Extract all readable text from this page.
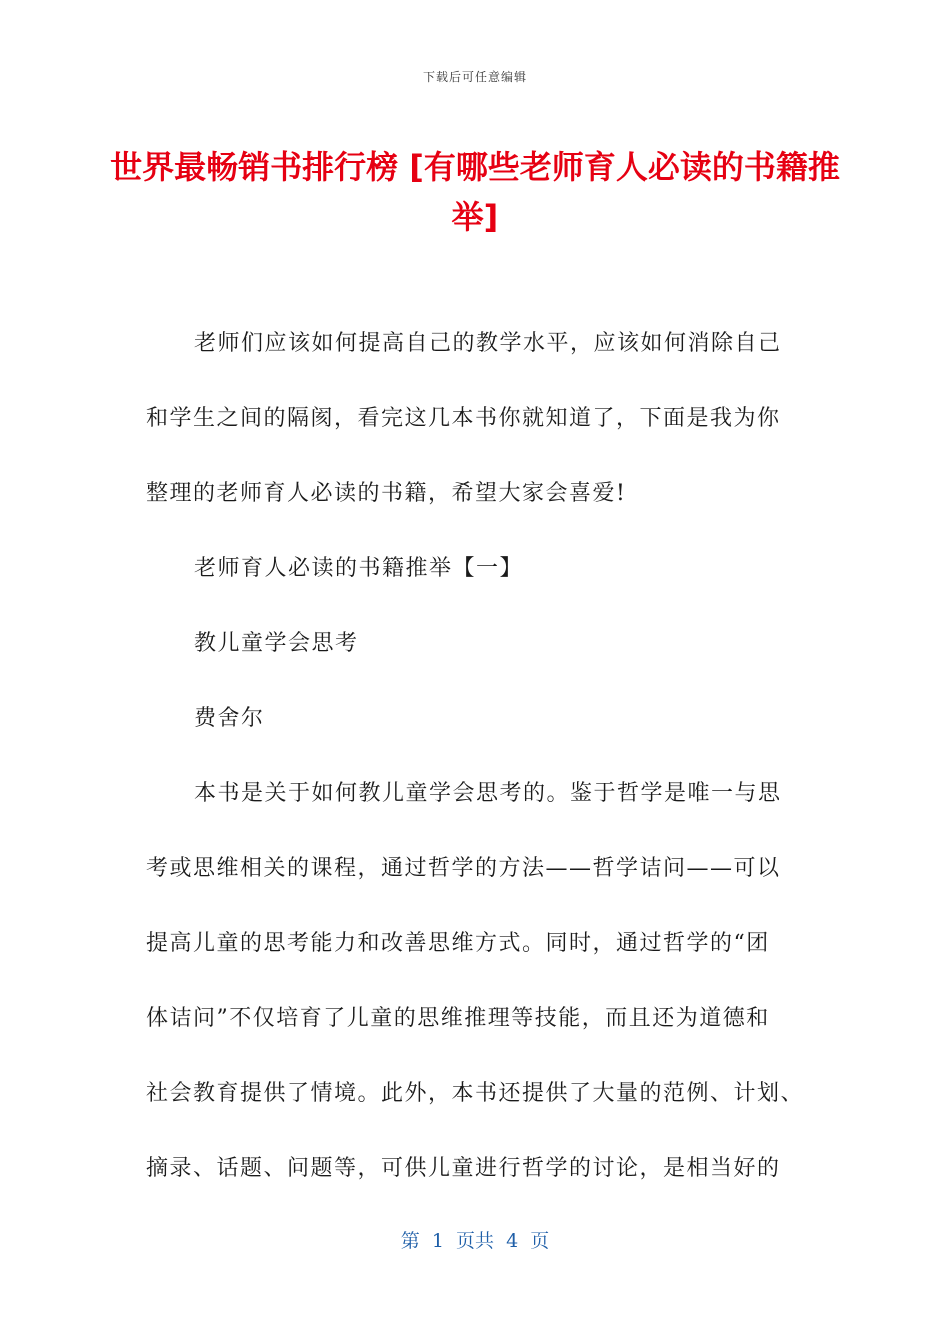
下载后可任意编辑
世界最畅销书排行榜 [有哪些老师育人必读的书籍推举]

老师们应该如何提高自己的教学水平，应该如何消除自己

和学生之间的隔阂，看完这几本书你就知道了，下面是我为你

整理的老师育人必读的书籍，希望大家会喜爱!

老师育人必读的书籍推举【一】

教儿童学会思考

费舍尔

本书是关于如何教儿童学会思考的。鉴于哲学是唯一与思

考或思维相关的课程，通过哲学的方法——哲学诘问——可以

提高儿童的思考能力和改善思维方式。同时，通过哲学的“团

体诘问”不仅培育了儿童的思维推理等技能，而且还为道德和

社会教育提供了情境。此外，本书还提供了大量的范例、计划、

摘录、话题、问题等，可供儿童进行哲学的讨论，是相当好的

第  1  页共  4  页
